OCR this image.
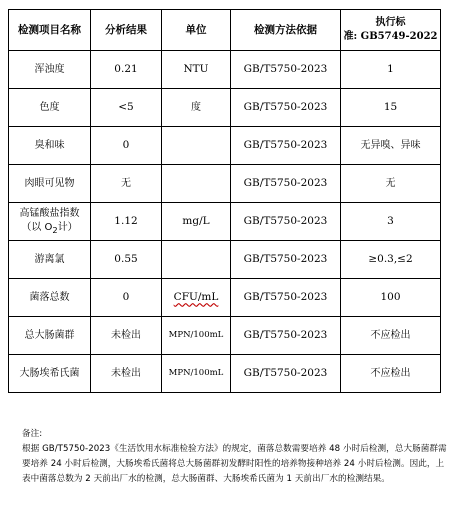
检测项目名称	分析结果	单位	检测方法依据	执行标
准: GB5749-2022
浑浊度	0.21	NTU	GB/T5750-2023	1
色度	<5	度	GB/T5750-2023	15
臭和味	0		GB/T5750-2023	无异嗅、异味
肉眼可见物	无		GB/T5750-2023	无
高锰酸盐指数
（以 $O_2$计）	1.12	mg/L	GB/T5750-2023	3
游离氯	0.55		GB/T5750-2023	≥0.3,≤2
菌落总数	0	CFU/mL	GB/T5750-2023	100
总大肠菌群	未检出	MPN/100mL	GB/T5750-2023	不应检出
大肠埃希氏菌	未检出	MPN/100mL	GB/T5750-2023	不应检出
备注:
根据 GB/T5750-2023《生活饮用水标准检验方法》的规定，菌落总数需要培养 48 小时后检测，总大肠菌群需要培养 24 小时后检测，大肠埃希氏菌将总大肠菌群初发酵时阳性的培养物接种培养 24 小时后检测。因此，上表中菌落总数为 2 天前出厂水的检测，总大肠菌群、大肠埃希氏菌为 1 天前出厂水的检测结果。
